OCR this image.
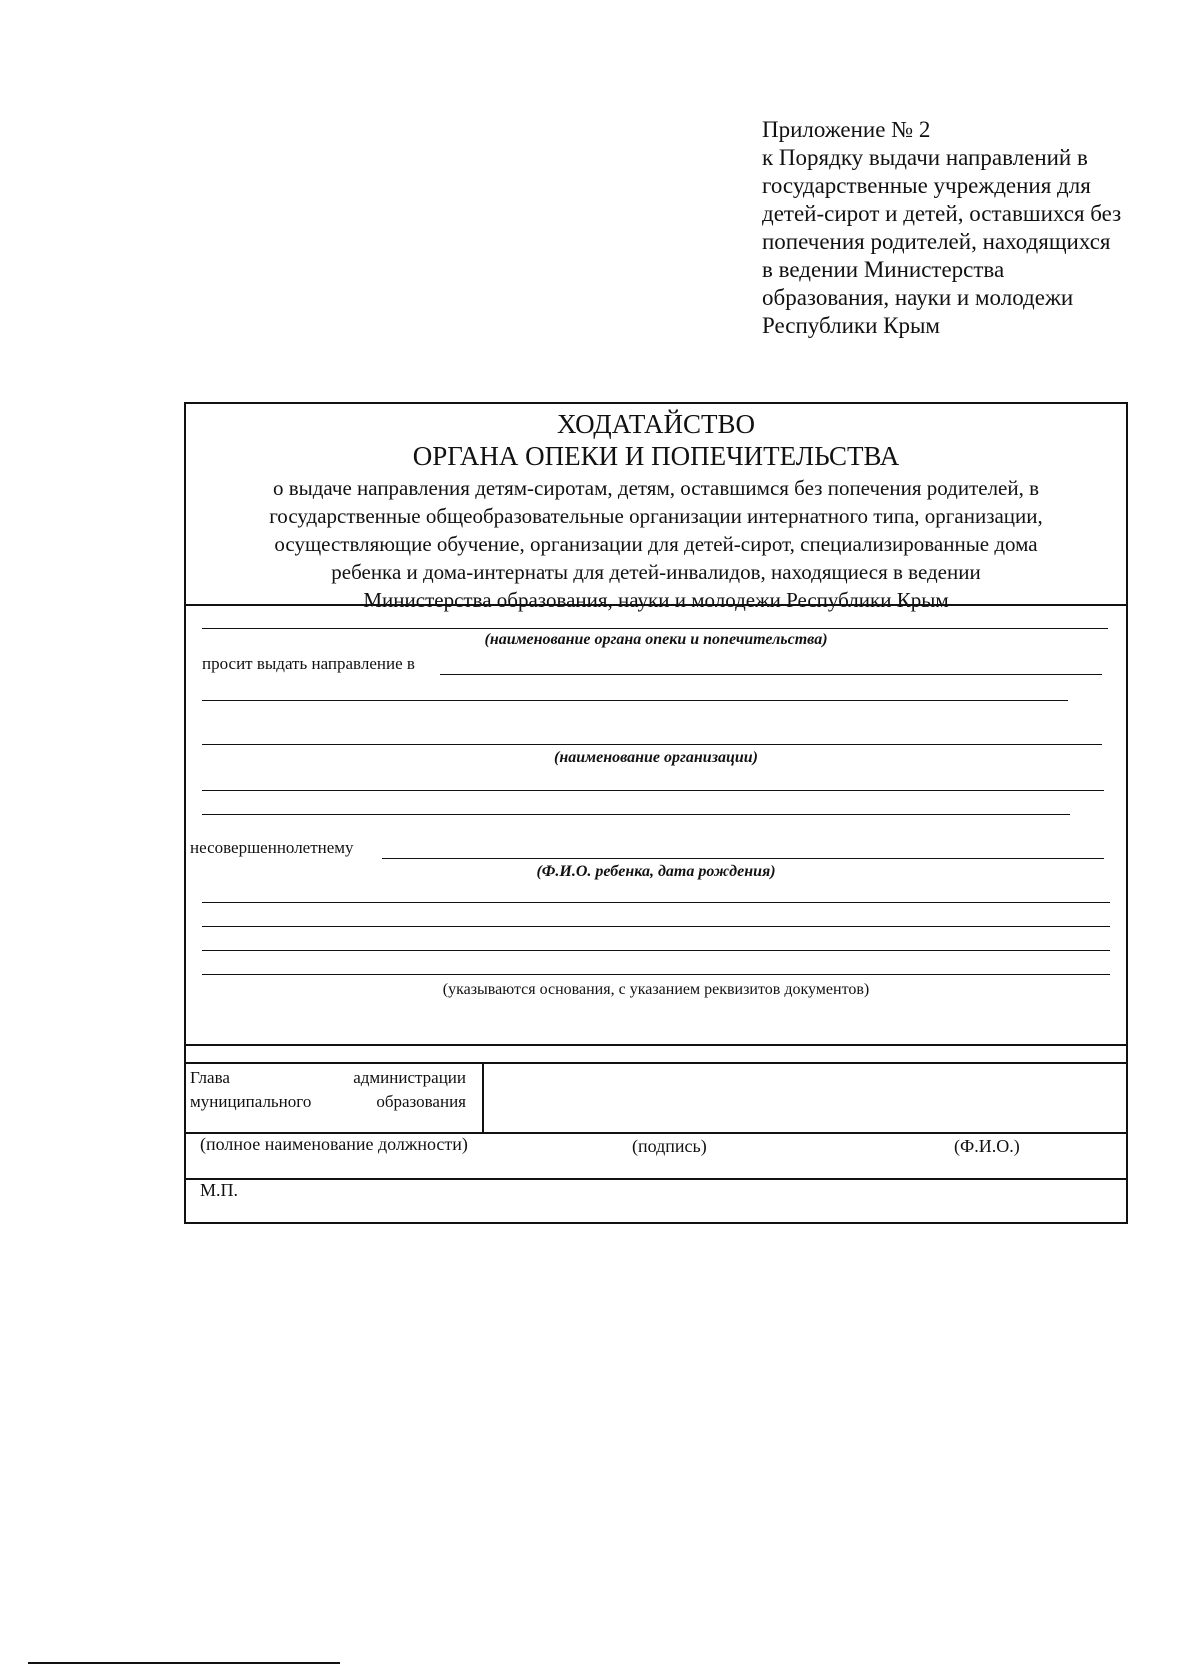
Приложение № 2
к Порядку выдачи направлений в
государственные учреждения для
детей-сирот и детей, оставшихся без
попечения родителей, находящихся
в ведении Министерства
образования, науки и молодежи
Республики Крым
ХОДАТАЙСТВО
ОРГАНА ОПЕКИ И ПОПЕЧИТЕЛЬСТВА
о выдаче направления детям-сиротам, детям, оставшимся без попечения родителей, в
государственные общеобразовательные организации интернатного типа, организации,
осуществляющие обучение, организации для детей-сирот, специализированные дома
ребенка и дома-интернаты для детей-инвалидов, находящиеся в ведении
Министерства образования, науки и молодежи Республики Крым
(наименование органа опеки и попечительства)
просит выдать направление в
(наименование организации)
несовершеннолетнему
(Ф.И.О. ребенка, дата рождения)
(указываются основания, с указанием реквизитов документов)
Глава	администрации
муниципального	образования
(полное наименование должности)	(подпись)	(Ф.И.О.)
М.П.
